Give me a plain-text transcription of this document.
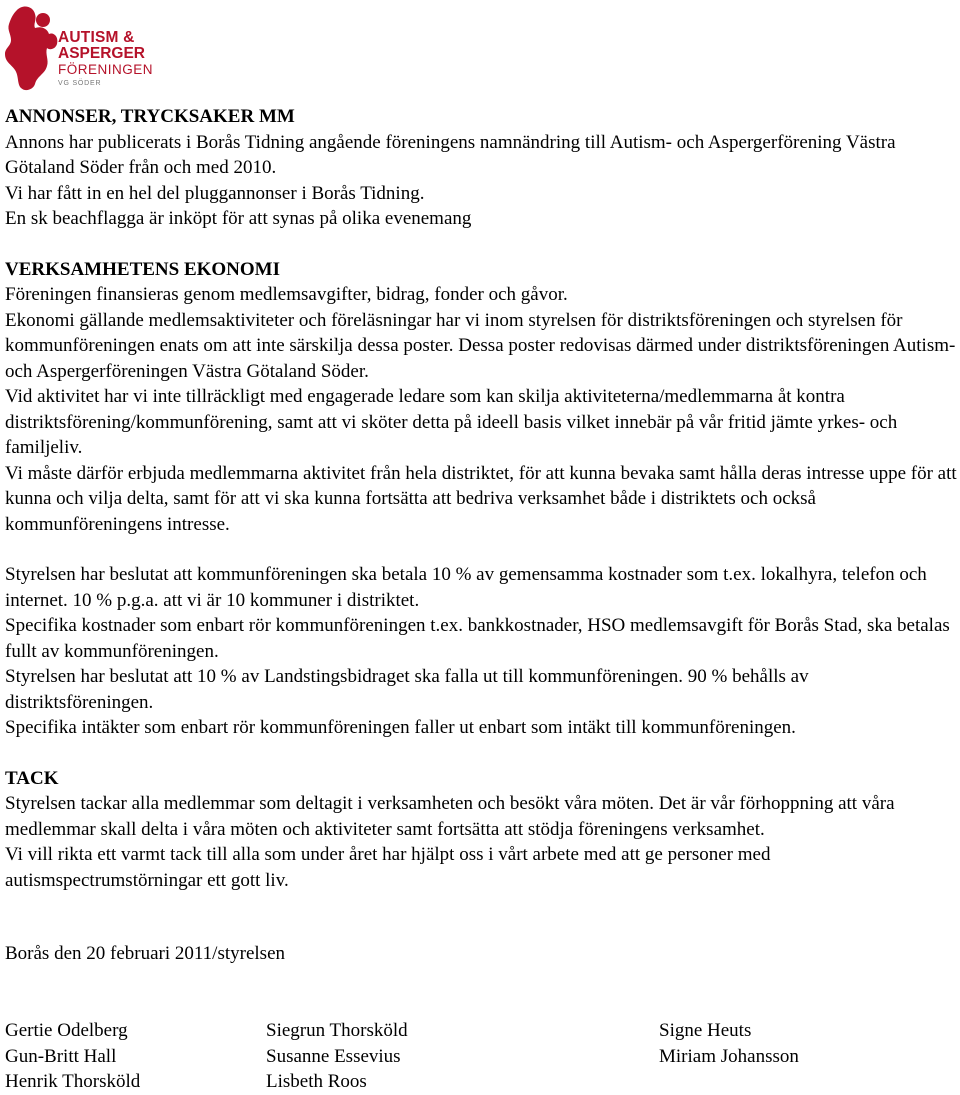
AUTISM &
ASPERGER
FÖRENINGEN
VG SÖDER

ANNONSER, TRYCKSAKER MM

Annons har publicerats i Borås Tidning angående föreningens namnändring till Autism- och Aspergerförening Västra Götaland Söder från och med 2010.

Vi har fått in en hel del pluggannonser i Borås Tidning.

En sk beachflagga är inköpt för att synas på olika evenemang

VERKSAMHETENS EKONOMI

Föreningen finansieras genom medlemsavgifter, bidrag, fonder och gåvor.

Ekonomi gällande medlemsaktiviteter och föreläsningar har vi inom styrelsen för distriktsföreningen och styrelsen för kommunföreningen enats om att inte särskilja dessa poster. Dessa poster redovisas därmed under distriktsföreningen Autism- och Aspergerföreningen Västra Götaland Söder.

Vid aktivitet har vi inte tillräckligt med engagerade ledare som kan skilja aktiviteterna/medlemmarna åt kontra distriktsförening/kommunförening, samt att vi sköter detta på ideell basis vilket innebär på vår fritid jämte yrkes- och familjeliv.

Vi måste därför erbjuda medlemmarna aktivitet från hela distriktet, för att kunna bevaka samt hålla deras intresse uppe för att kunna och vilja delta, samt för att vi ska kunna fortsätta att bedriva verksamhet både i distriktets och också kommunföreningens intresse.

Styrelsen har beslutat att kommunföreningen ska betala 10 % av gemensamma kostnader som t.ex. lokalhyra, telefon och internet. 10 % p.g.a. att vi är 10 kommuner i distriktet.

Specifika kostnader som enbart rör kommunföreningen t.ex. bankkostnader, HSO medlemsavgift för Borås Stad, ska betalas fullt av kommunföreningen.

Styrelsen har beslutat att 10 % av Landstingsbidraget ska falla ut till kommunföreningen. 90 % behålls av distriktsföreningen.

Specifika intäkter som enbart rör kommunföreningen faller ut enbart som intäkt till kommunföreningen.

TACK

Styrelsen tackar alla medlemmar som deltagit i verksamheten och besökt våra möten. Det är vår förhoppning att våra medlemmar skall delta i våra möten och aktiviteter samt fortsätta att stödja föreningens verksamhet.

Vi vill rikta ett varmt tack till alla som under året har hjälpt oss i vårt arbete med att ge personer med autismspectrumstörningar ett gott liv.

Borås den 20 februari 2011/styrelsen

Gertie Odelberg
Gun-Britt Hall
Henrik Thorsköld
Siegrun Thorsköld
Susanne Essevius
Lisbeth Roos
Signe Heuts
Miriam Johansson
